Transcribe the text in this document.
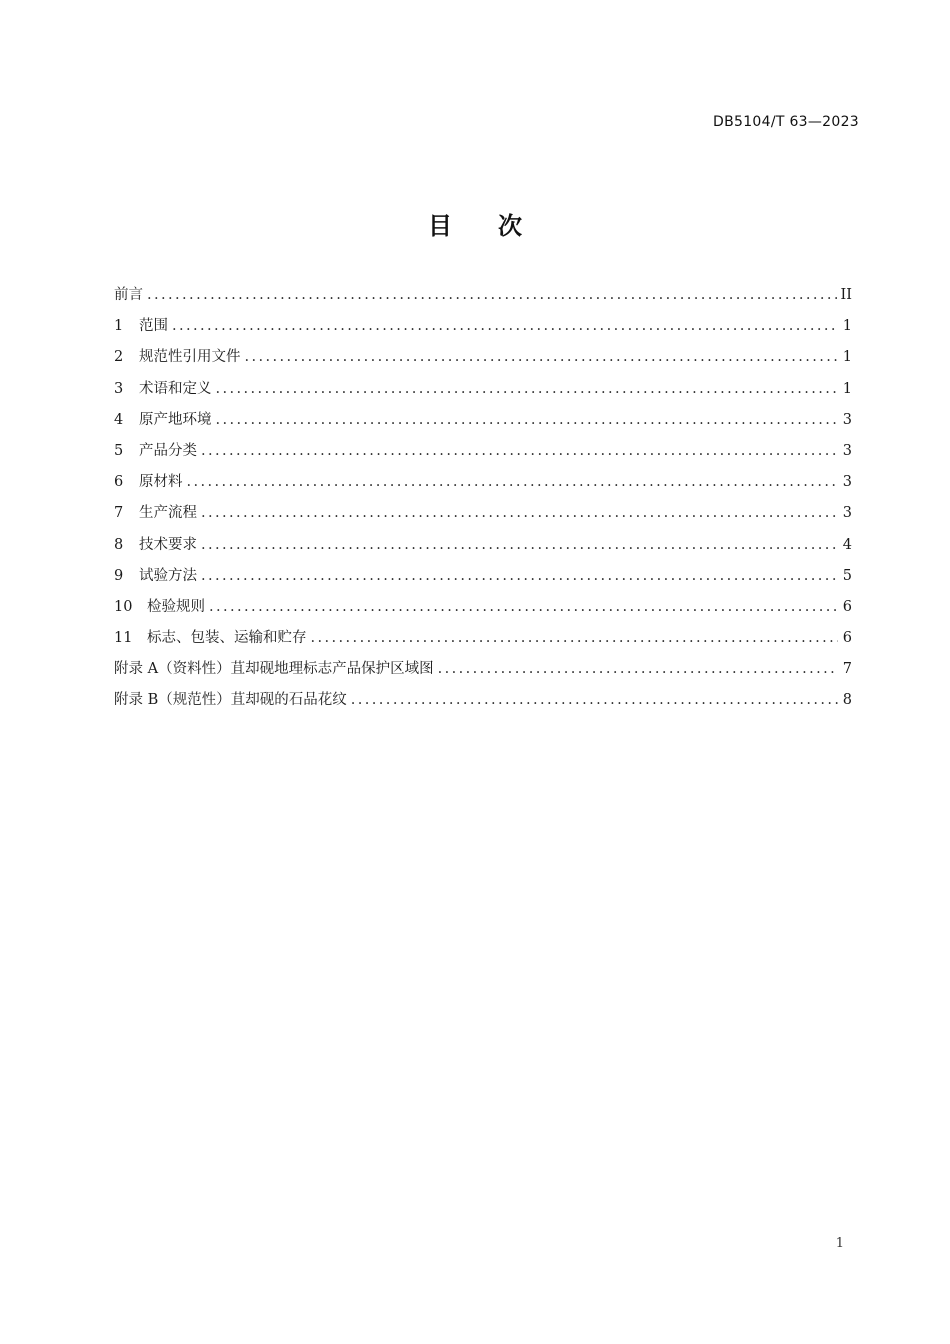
DB5104/T 63—2023
目 次
前言 .....	II
1	范围 .....	1
2	规范性引用文件 .....	1
3	术语和定义 .....	1
4	原产地环境 .....	3
5	产品分类 .....	3
6	原材料 .....	3
7	生产流程 .....	3
8	技术要求 .....	4
9	试验方法 .....	5
10	检验规则 .....	6
11	标志、包装、运输和贮存 .....	6
附录 A（资料性）苴却砚地理标志产品保护区域图 .....	7
附录 B（规范性）苴却砚的石品花纹 .....	8
1
